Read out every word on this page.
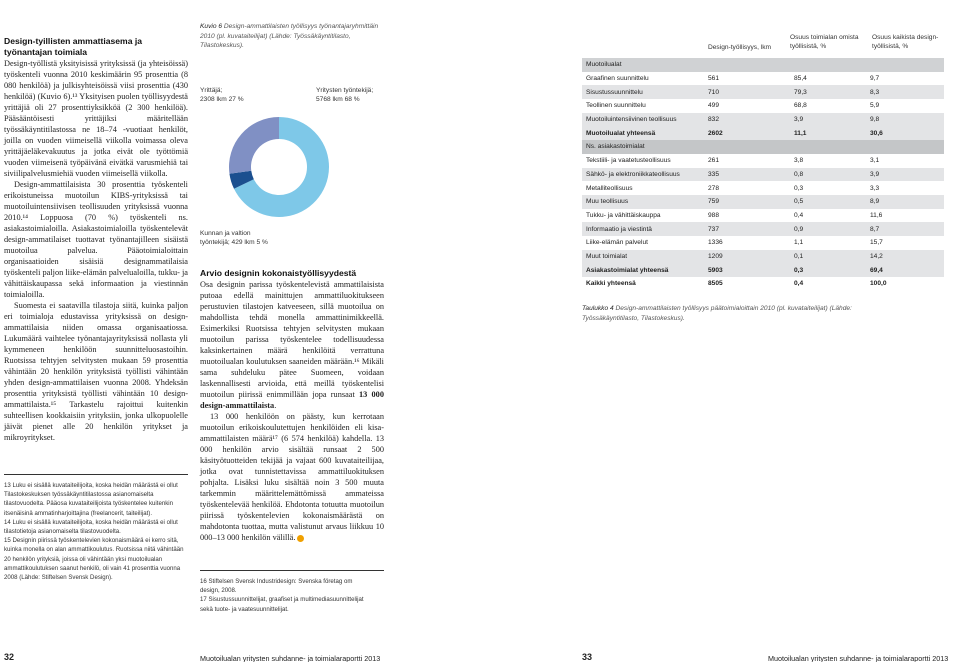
Design-tyillisten ammattiasema ja työnantajan toimiala

Design-työllistä yksityisissä yrityksissä (ja yhteisöissä) työskenteli vuonna 2010 keskimäärin 95 prosenttia (8 080 henkilöä) ja julkisyhteisöissä viisi prosenttia (430 henkilöä) (Kuvio 6).¹³ Yksityisen puolen työllisyydestä yrittäjiä oli 27 prosenttiyksikköä (2 300 henkilöä). Pääsääntöisesti yrittäjiksi määritellään työssäkäyntitilastossa ne 18–74 -vuotiaat henkilöt, joilla on vuoden viimeisellä viikolla voimassa oleva yrittäjäeläkevakuutus ja jotka eivät ole työttömiä vuoden viimeisenä työpäivänä eivätkä varusmiehiä tai siviilipalvelusmiehiä vuoden viimeisellä viikolla.

Design-ammattilaisista 30 prosenttia työskenteli erikoistuneissa muotoilun KIBS-yrityksissä tai muotoiluintensiivisen teollisuuden yrityksissä vuonna 2010.¹⁴ Loppuosa (70 %) työskenteli ns. asiakastoimialoilla. Asiakastoimialoilla työskentelevät design-ammatilaiset tuottavat työnantajilleen sisäistä muotoilua palvelua. Pääotoimialoittain organisaatioiden sisäisiä designammatilaisia työskenteli paljon liike-elämän palvelualoilla, tukku- ja vähittäiskaupassa sekä informaation ja viestinnän toimialoilla.

Suomesta ei saatavilla tilastoja siitä, kuinka paljon eri toimialoja edustavissa yrityksissä on design-ammattilaisia niiden omassa organisaatiossa. Lukumäärä vaihtelee työnantajayrityksissä nollasta yli kymmeneen henkilöön suunnitteluosastoihin. Ruotsissa tehtyjen selvitysten mukaan 59 prosenttia vähintään 20 henkilön yrityksistä työllisti vähintään yhden design-ammattilaisen vuonna 2008. Yhdeksän prosenttia yrityksistä työllisti vähintään 10 design-ammattilaista.¹⁵ Tarkastelu rajoittui kuitenkin suhteellisen kookkaisiin yrityksiin, jonka ulkopuolelle jäivät pienet alle 20 henkilön yritykset ja mikroyritykset.

13 Luku ei sisällä kuvataiteilijoita, koska heidän määrästä ei ollut Tilastokeskuksen työssäkäyntitilastossa asianomaiselta tilastovuodelta. Pääosa kuvataiteilijoista työskentelee kuitenkin itsenäisinä ammatinharjoittajina (freelancerit, taiteilijat).
14 Luku ei sisällä kuvataiteilijoita, koska heidän määrästä ei ollut tilastotietoja asianomaiselta tilastovuodelta.
15 Designin piirissä työskentelevien kokonaismäärä ei kerro sitä, kuinka monella on alan ammattikoulutus. Ruotsissa niitä vähintään 20 henkilön yrityksiä, joissa oli vähintään yksi muotoilualan ammattikoulutuksen saanut henkilö, oli vain 41 prosenttia vuonna 2008 (Lähde: Stiftelsen Svensk Design).
Kuvio 6 Design-ammattilaisten työllisyys työnantajaryhmittäin 2010 (pl. kuvataiteilijat) (Lähde: Työssäkäyntitilasto, Tilastokeskus).
Yrittäjä;
2308 lkm 27 %
Yritysten työntekijä;
5768 lkm 68 %
Kunnan ja valtion
työntekijä; 429 lkm 5 %
Arvio designin kokonaistyöllisyydestä

Osa designin parissa työskentelevistä ammattilaisista putoaa edellä mainittujen ammattiluokitukseen perustuvien tilastojen katveeseen, sillä muotoilua on mahdollista tehdä monella ammattinimikkeellä. Esimerkiksi Ruotsissa tehtyjen selvitysten mukaan muotoilun parissa työskentelee todellisuudessa kaksinkertainen määrä henkilöitä verrattuna muotoilualan koulutuksen saaneiden määrään.¹⁶ Mikäli sama suhdeluku pätee Suomeen, voidaan laskennallisesti arvioida, että meillä työskentelisi muotoilun piirissä enimmillään jopa runsaat 13 000 design-ammattilaista.

13 000 henkilöön on päästy, kun kerrotaan muotoilun erikoiskoulutettujen henkilöiden eli kisa-ammattilaisten määrä¹⁷ (6 574 henkilöä) kahdella. 13 000 henkilön arvio sisältää runsaat 2 500 käsityötuotteiden tekijää ja vajaat 600 kuvataiteilijaa, jotka ovat tunnistettavissa ammattiluokituksen pohjalta. Lisäksi luku sisältää noin 3 500 muuta tarkemmin määrittelemättömissä ammateissa työskentelevää henkilöä. Ehdotonta totuutta muotoilun piirissä työskentelevien kokonaismäärästä on mahdotonta tuottaa, mutta valistunut arvaus liikkuu 10 000–13 000 henkilön välillä.

16 Stiftelsen Svensk Industridesign: Svenska företag om design, 2008.
17 Sisustussuunnittelijat, graafiset ja multimediasuunnittelijat sekä tuote- ja vaatesuunnittelijat.
Design-työllisyys, lkm
Osuus toimialan omista työllisistä, %
Osuus kaikista design-työllisistä, %
Muotoilualat
Graafinen suunnittelu	561	85,4	9,7
Sisustussuunnittelu	710	79,3	8,3
Teollinen suunnittelu	499	68,8	5,9
Muotoiluintensiivinen teollisuus	832	3,9	9,8
Muotoilualat yhteensä	2602	11,1	30,6
Ns. asiakastoimialat
Tekstiili- ja vaatetusteollisuus	261	3,8	3,1
Sähkö- ja elektroniikkateollisuus	335	0,8	3,9
Metalliteollisuus	278	0,3	3,3
Muu teollisuus	759	0,5	8,9
Tukku- ja vähittäiskauppa	988	0,4	11,6
Informaatio ja viestintä	737	0,9	8,7
Liike-elämän palvelut	1336	1,1	15,7
Muut toimialat	1209	0,1	14,2
Asiakastoimialat yhteensä	5903	0,3	69,4
Kaikki yhteensä	8505	0,4	100,0
Taulukko 4 Design-ammattilaisten työllisyys päätoimialoittain 2010 (pl. kuvataiteilijat) (Lähde: Työssäkäyntitilasto, Tilastokeskus).
32	Muotoilualan yritysten suhdanne- ja toimialaraportti 2013	33	Muotoilualan yritysten suhdanne- ja toimialaraportti 2013
